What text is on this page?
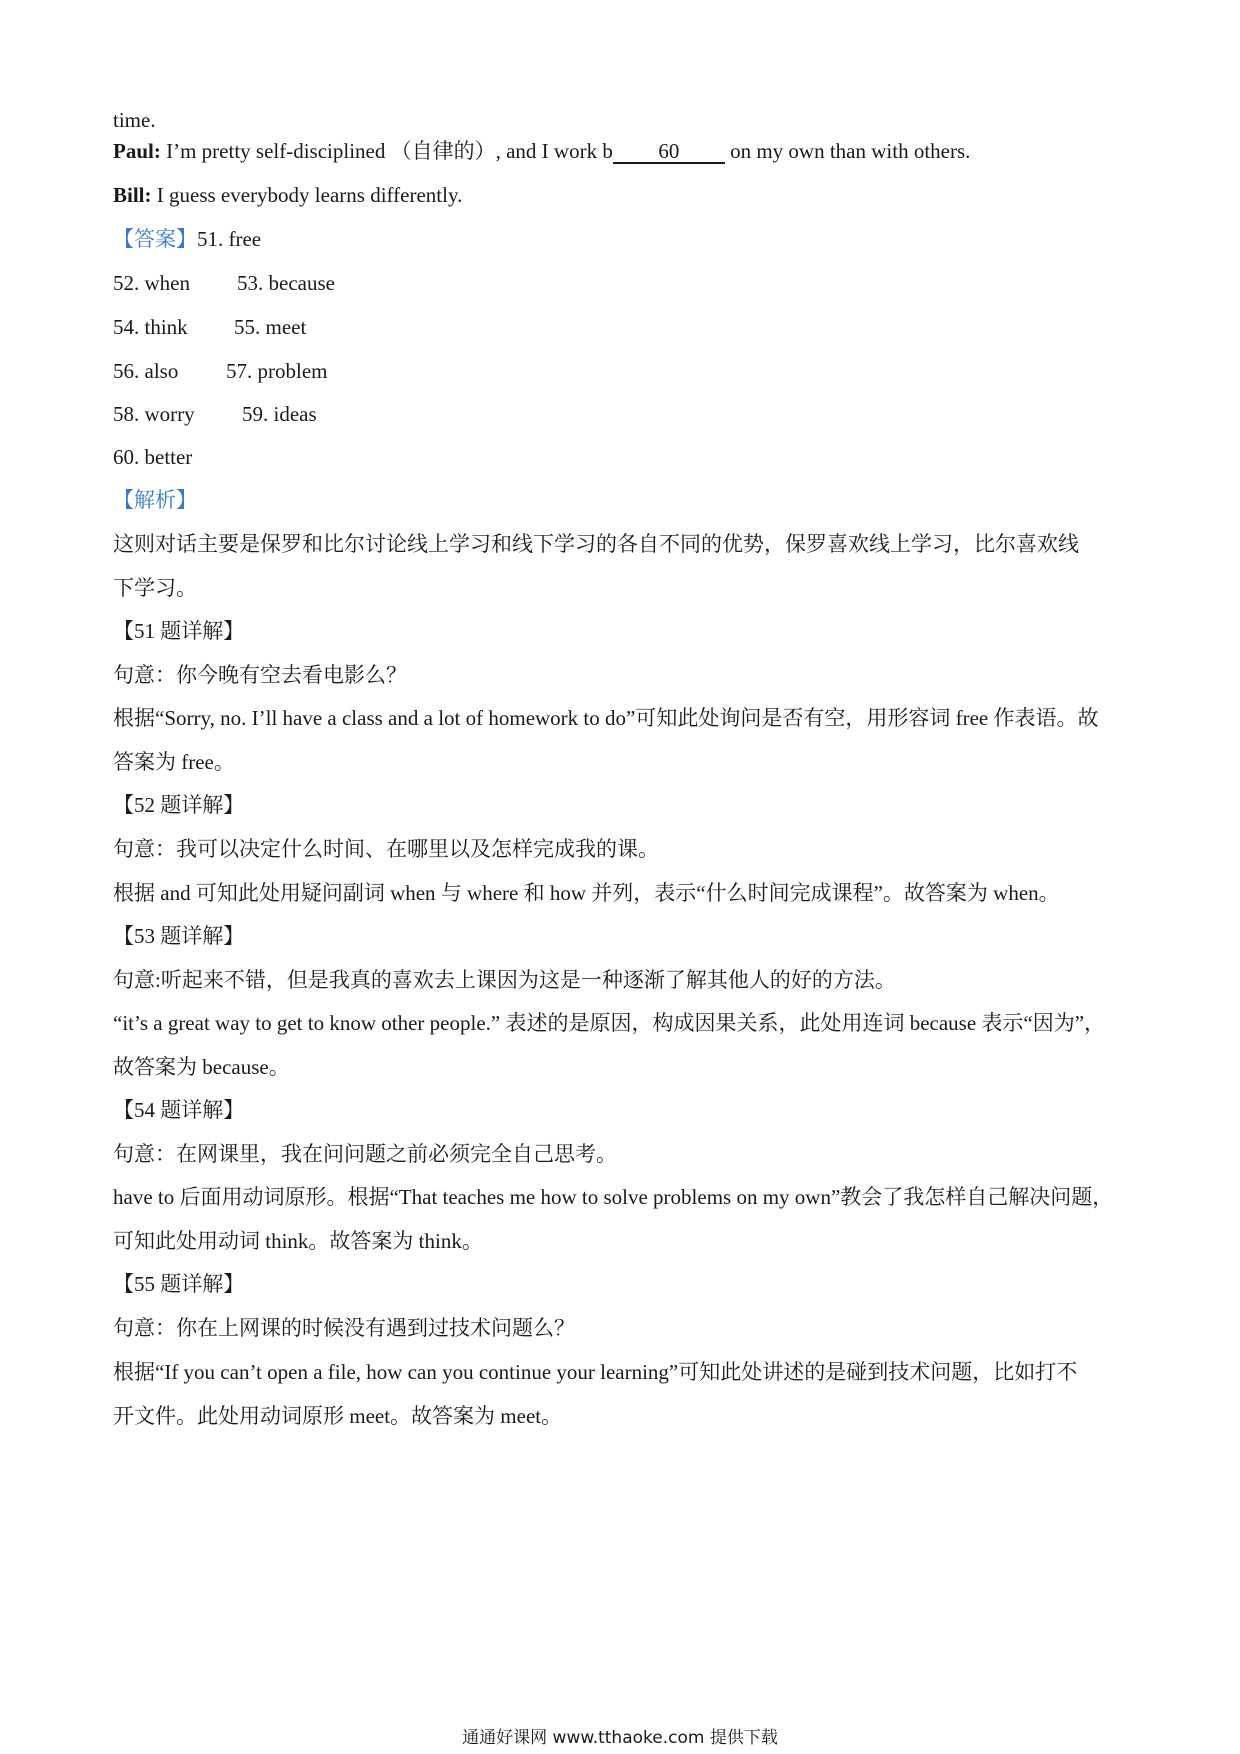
time.
Paul: I’m pretty self-disciplined （自律的）, and I work b 60 on my own than with others.
Bill: I guess everybody learns differently.
【答案】51. free
52. when 53. because
54. think 55. meet
56. also 57. problem
58. worry 59. ideas
60. better
【解析】
这则对话主要是保罗和比尔讨论线上学习和线下学习的各自不同的优势，保罗喜欢线上学习，比尔喜欢线
下学习。
【51 题详解】
句意：你今晚有空去看电影么？
根据“Sorry, no. I’ll have a class and a lot of homework to do”可知此处询问是否有空，用形容词 free 作表语。故
答案为 free。
【52 题详解】
句意：我可以决定什么时间、在哪里以及怎样完成我的课。
根据 and 可知此处用疑问副词 when 与 where 和 how 并列，表示“什么时间完成课程”。故答案为 when。
【53 题详解】
句意:听起来不错，但是我真的喜欢去上课因为这是一种逐渐了解其他人的好的方法。
“it’s a great way to get to know other people.” 表述的是原因，构成因果关系，此处用连词 because 表示“因为”，
故答案为 because。
【54 题详解】
句意：在网课里，我在问问题之前必须完全自己思考。
have to 后面用动词原形。根据“That teaches me how to solve problems on my own”教会了我怎样自己解决问题，
可知此处用动词 think。故答案为 think。
【55 题详解】
句意：你在上网课的时候没有遇到过技术问题么？
根据“If you can’t open a file, how can you continue your learning”可知此处讲述的是碰到技术问题，比如打不
开文件。此处用动词原形 meet。故答案为 meet。
通通好课网 www.tthaoke.com 提供下载
